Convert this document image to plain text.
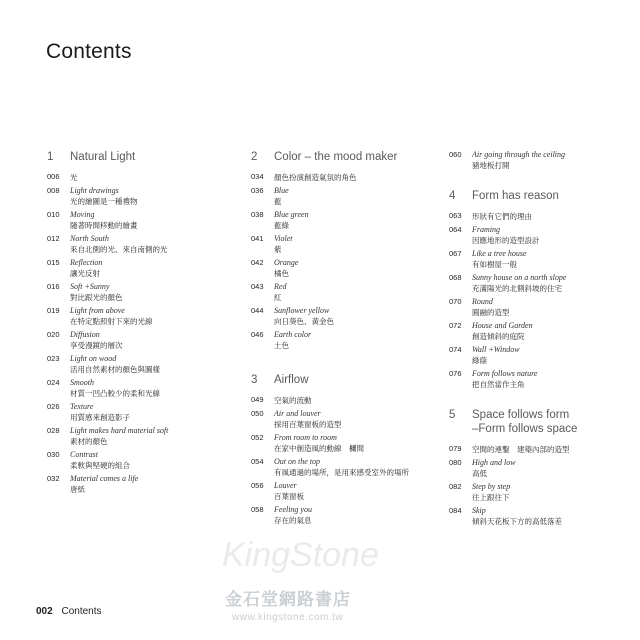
Contents
1	Natural Light
006	光
008	Light drawings
光的繪圖是一種禮物
010	Moving
隨著時間移動的繪畫
012	North South
來自北側的光、來自南側的光
015	Reflection
讓光反射
016	Soft +Sunny
對比跟光的顏色
019	Light from above
在特定點照射下來的光線
020	Diffusion
享受漫鏡的層次
023	Light on wood
活用自然素材的顏色與圖樣
024	Smooth
材質一凹凸較少的柔和光線
026	Texture
用質感來創造影子
028	Light makes hard material soft
素材的顏色
030	Contrast
柔軟與堅硬的組合
032	Material comes a life
唐紙
2	Color – the mood maker
034	顏色扮演創造氣氛的角色
036	Blue
藍
038	Blue green
藍綠
041	Violet
紫
042	Orange
橘色
043	Red
紅
044	Sunflower yellow
向日葵色、黃金色
046	Earth color
土色
3	Airflow
049	空氣的流動
050	Air and louver
採用百葉窗板的造型
052	From room to room
在家中創造風的動線　欄間
054	Out on the top
有風通過的場所，是用來感受室外的場所
056	Louver
百葉窗板
058	Feeling you
存在的氣息
060	Air going through the ceiling
豬地板打開
4	Form has reason
063	形狀有它們的理由
064	Framing
因應地形的造型設計
067	Like a tree house
有如樹屋一般
068	Sunny house on a north slope
充滿陽光的北側斜坡的住宅
070	Round
圓融的造型
072	House and Garden
創造傾斜的庭院
074	Wall +Window
綠蔭
076	Form follows nature
把自然當作主角
5	Space follows form
–Form follows space
079	空間的連鑿　建築內部的造型
080	High and low
高低
082	Step by step
往上跟往下
084	Skip
傾斜天花板下方的高低落差
KingStone
金石堂網路書店
www.kingstone.com.tw
002 Contents
